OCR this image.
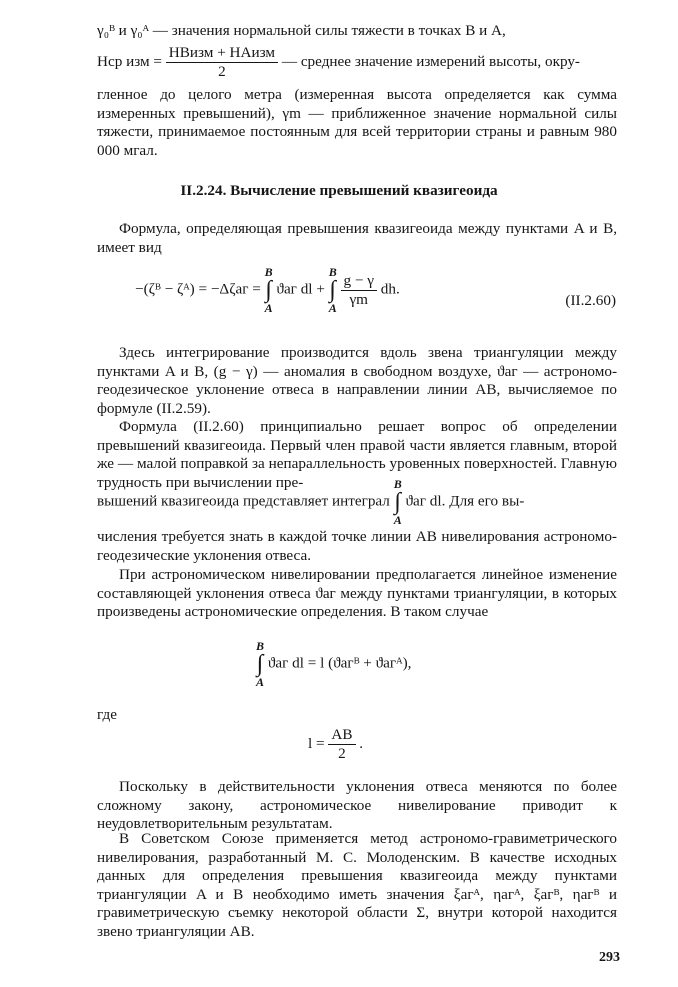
γ₀ᴮ и γ₀ᴬ — значения нормальной силы тяжести в точках B и A,
Hср изм = $\frac{\text{HBизм + HAизм}}{2}$ — среднее значение измерений высоты, окру-

гленное до целого метра (измеренная высота определяется как сумма измеренных превышений), γm — приближенное значение нормальной силы тяжести, принимаемое постоянным для всей территории страны и равным 980 000 мгал.

II.2.24. Вычисление превышений квазигеоида

Формула, определяющая превышения квазигеоида между пунктами A и B, имеет вид

−(ζᴮ − ζᴬ) = −Δζаг =
B
∫
A
ϑаг dl +
B
∫
A
$\frac{g - \gamma}{\gamma m}$ dh.
(II.2.60)

Здесь интегрирование производится вдоль звена триангуляции между пунктами A и B, (g − γ) — аномалия в свободном воздухе, ϑаг — астрономо-геодезическое уклонение отвеса в направлении линии AB, вычисляемое по формуле (II.2.59).

Формула (II.2.60) принципиально решает вопрос об определении превышений квазигеоида. Первый член правой части является главным, второй же — малой поправкой за непараллельность уровенных поверхностей. Главную трудность при вычислении пре-

вышений квазигеоида представляет интеграл
B
∫
A
ϑаг dl. Для его вы-

числения требуется знать в каждой точке линии AB нивелирования астрономо-геодезические уклонения отвеса.

При астрономическом нивелировании предполагается линейное изменение составляющей уклонения отвеса ϑаг между пунктами триангуляции, в которых произведены астрономические определения. В таком случае

B
∫
A
ϑаг dl = l (ϑагᴮ + ϑагᴬ),
где
$l = \frac{AB}{2}$ .

Поскольку в действительности уклонения отвеса меняются по более сложному закону, астрономическое нивелирование приводит к неудовлетворительным результатам.

В Советском Союзе применяется метод астрономо-гравиметрического нивелирования, разработанный М. С. Молоденским. В качестве исходных данных для определения превышения квазигеоида между пунктами триангуляции A и B необходимо иметь значения ξагᴬ, ηагᴬ, ξагᴮ, ηагᴮ и гравиметрическую съемку некоторой области Σ, внутри которой находится звено триангуляции AB.

293
